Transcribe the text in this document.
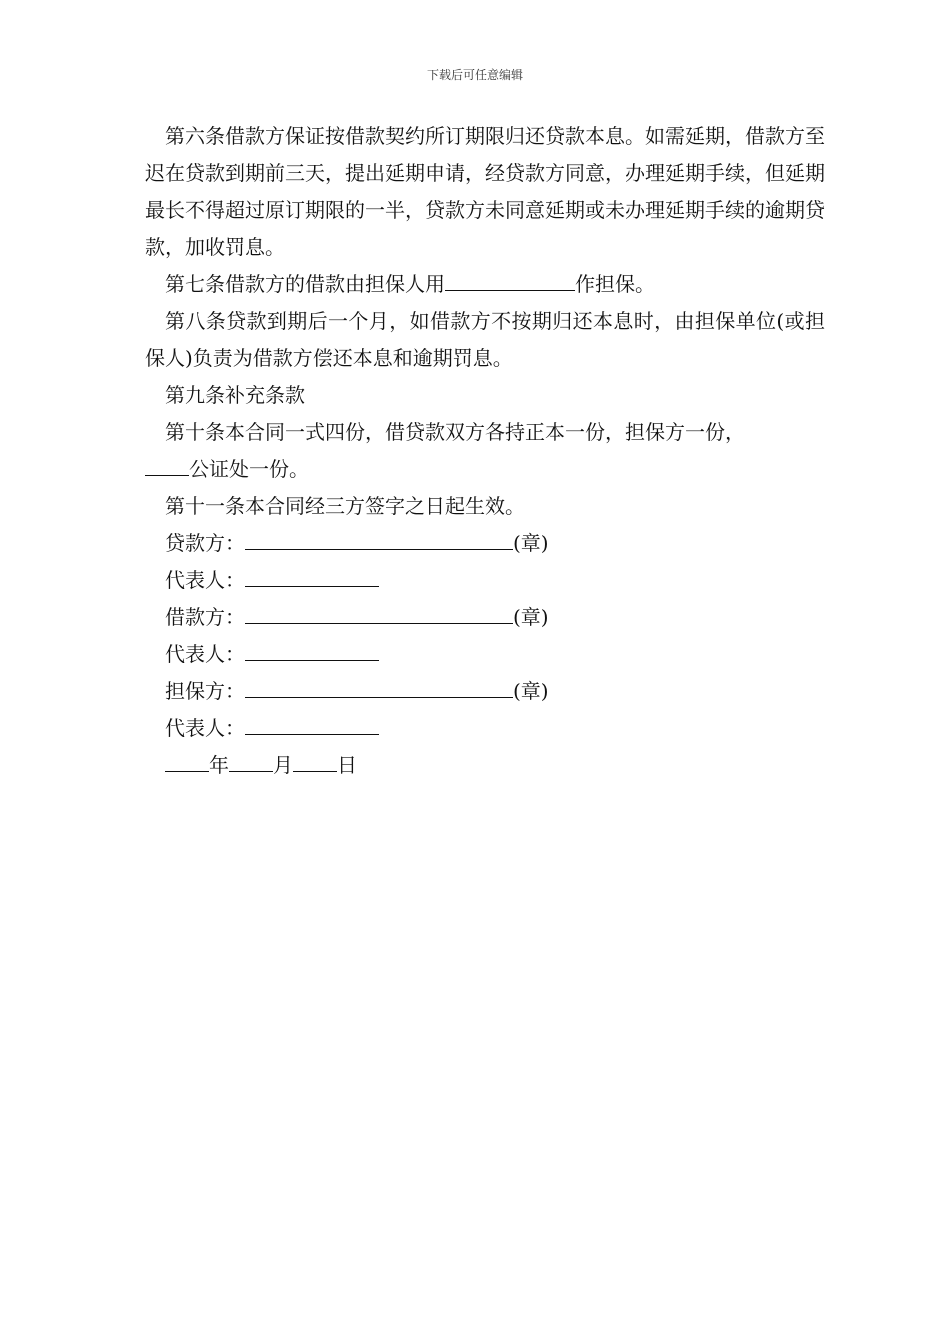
下载后可任意编辑

第六条借款方保证按借款契约所订期限归还贷款本息。如需延期，借款方至迟在贷款到期前三天，提出延期申请，经贷款方同意，办理延期手续，但延期最长不得超过原订期限的一半，贷款方未同意延期或未办理延期手续的逾期贷款，加收罚息。

第七条借款方的借款由担保人用	作担保。

第八条贷款到期后一个月，如借款方不按期归还本息时，由担保单位(或担保人)负责为借款方偿还本息和逾期罚息。

第九条补充条款

第十条本合同一式四份，借贷款双方各持正本一份，担保方一份，

公证处一份。

第十一条本合同经三方签字之日起生效。

贷款方：	(章)

代表人：

借款方：	(章)

代表人：

担保方：	(章)

代表人：

年 月 日
